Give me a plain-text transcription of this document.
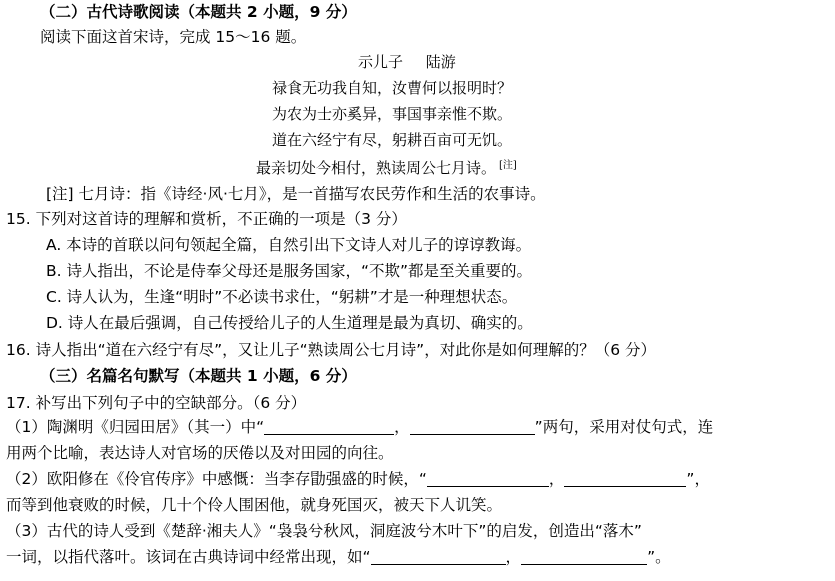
（二）古代诗歌阅读（本题共 2 小题，9 分）
阅读下面这首宋诗，完成 15～16 题。
示儿子 陆游
禄食无功我自知，汝曹何以报明时？
为农为士亦奚异，事国事亲惟不欺。
道在六经宁有尽，躬耕百亩可无饥。
最亲切处今相付，熟读周公七月诗。 [注]
[注] 七月诗：指《诗经·风·七月》，是一首描写农民劳作和生活的农事诗。
15. 下列对这首诗的理解和赏析，不正确的一项是（3 分）
A. 本诗的首联以问句领起全篇，自然引出下文诗人对儿子的谆谆教诲。
B. 诗人指出，不论是侍奉父母还是服务国家，“不欺”都是至关重要的。
C. 诗人认为，生逢“明时”不必读书求仕，“躬耕”才是一种理想状态。
D. 诗人在最后强调，自己传授给儿子的人生道理是最为真切、确实的。
16. 诗人指出“道在六经宁有尽”，又让儿子“熟读周公七月诗”，对此你是如何理解的？（6 分）
（三）名篇名句默写（本题共 1 小题，6 分）
17. 补写出下列句子中的空缺部分。（6 分）
（1）陶渊明《归园田居》（其一）中“	，	”两句，采用对仗句式，连
用两个比喻，表达诗人对官场的厌倦以及对田园的向往。
（2）欧阳修在《伶官传序》中感慨：当李存勖强盛的时候，“	，	”，
而等到他衰败的时候，几十个伶人围困他，就身死国灭，被天下人讥笑。
（3）古代的诗人受到《楚辞·湘夫人》“袅袅兮秋风，洞庭波兮木叶下”的启发，创造出“落木”
一词，以指代落叶。该词在古典诗词中经常出现，如“	，	”。
